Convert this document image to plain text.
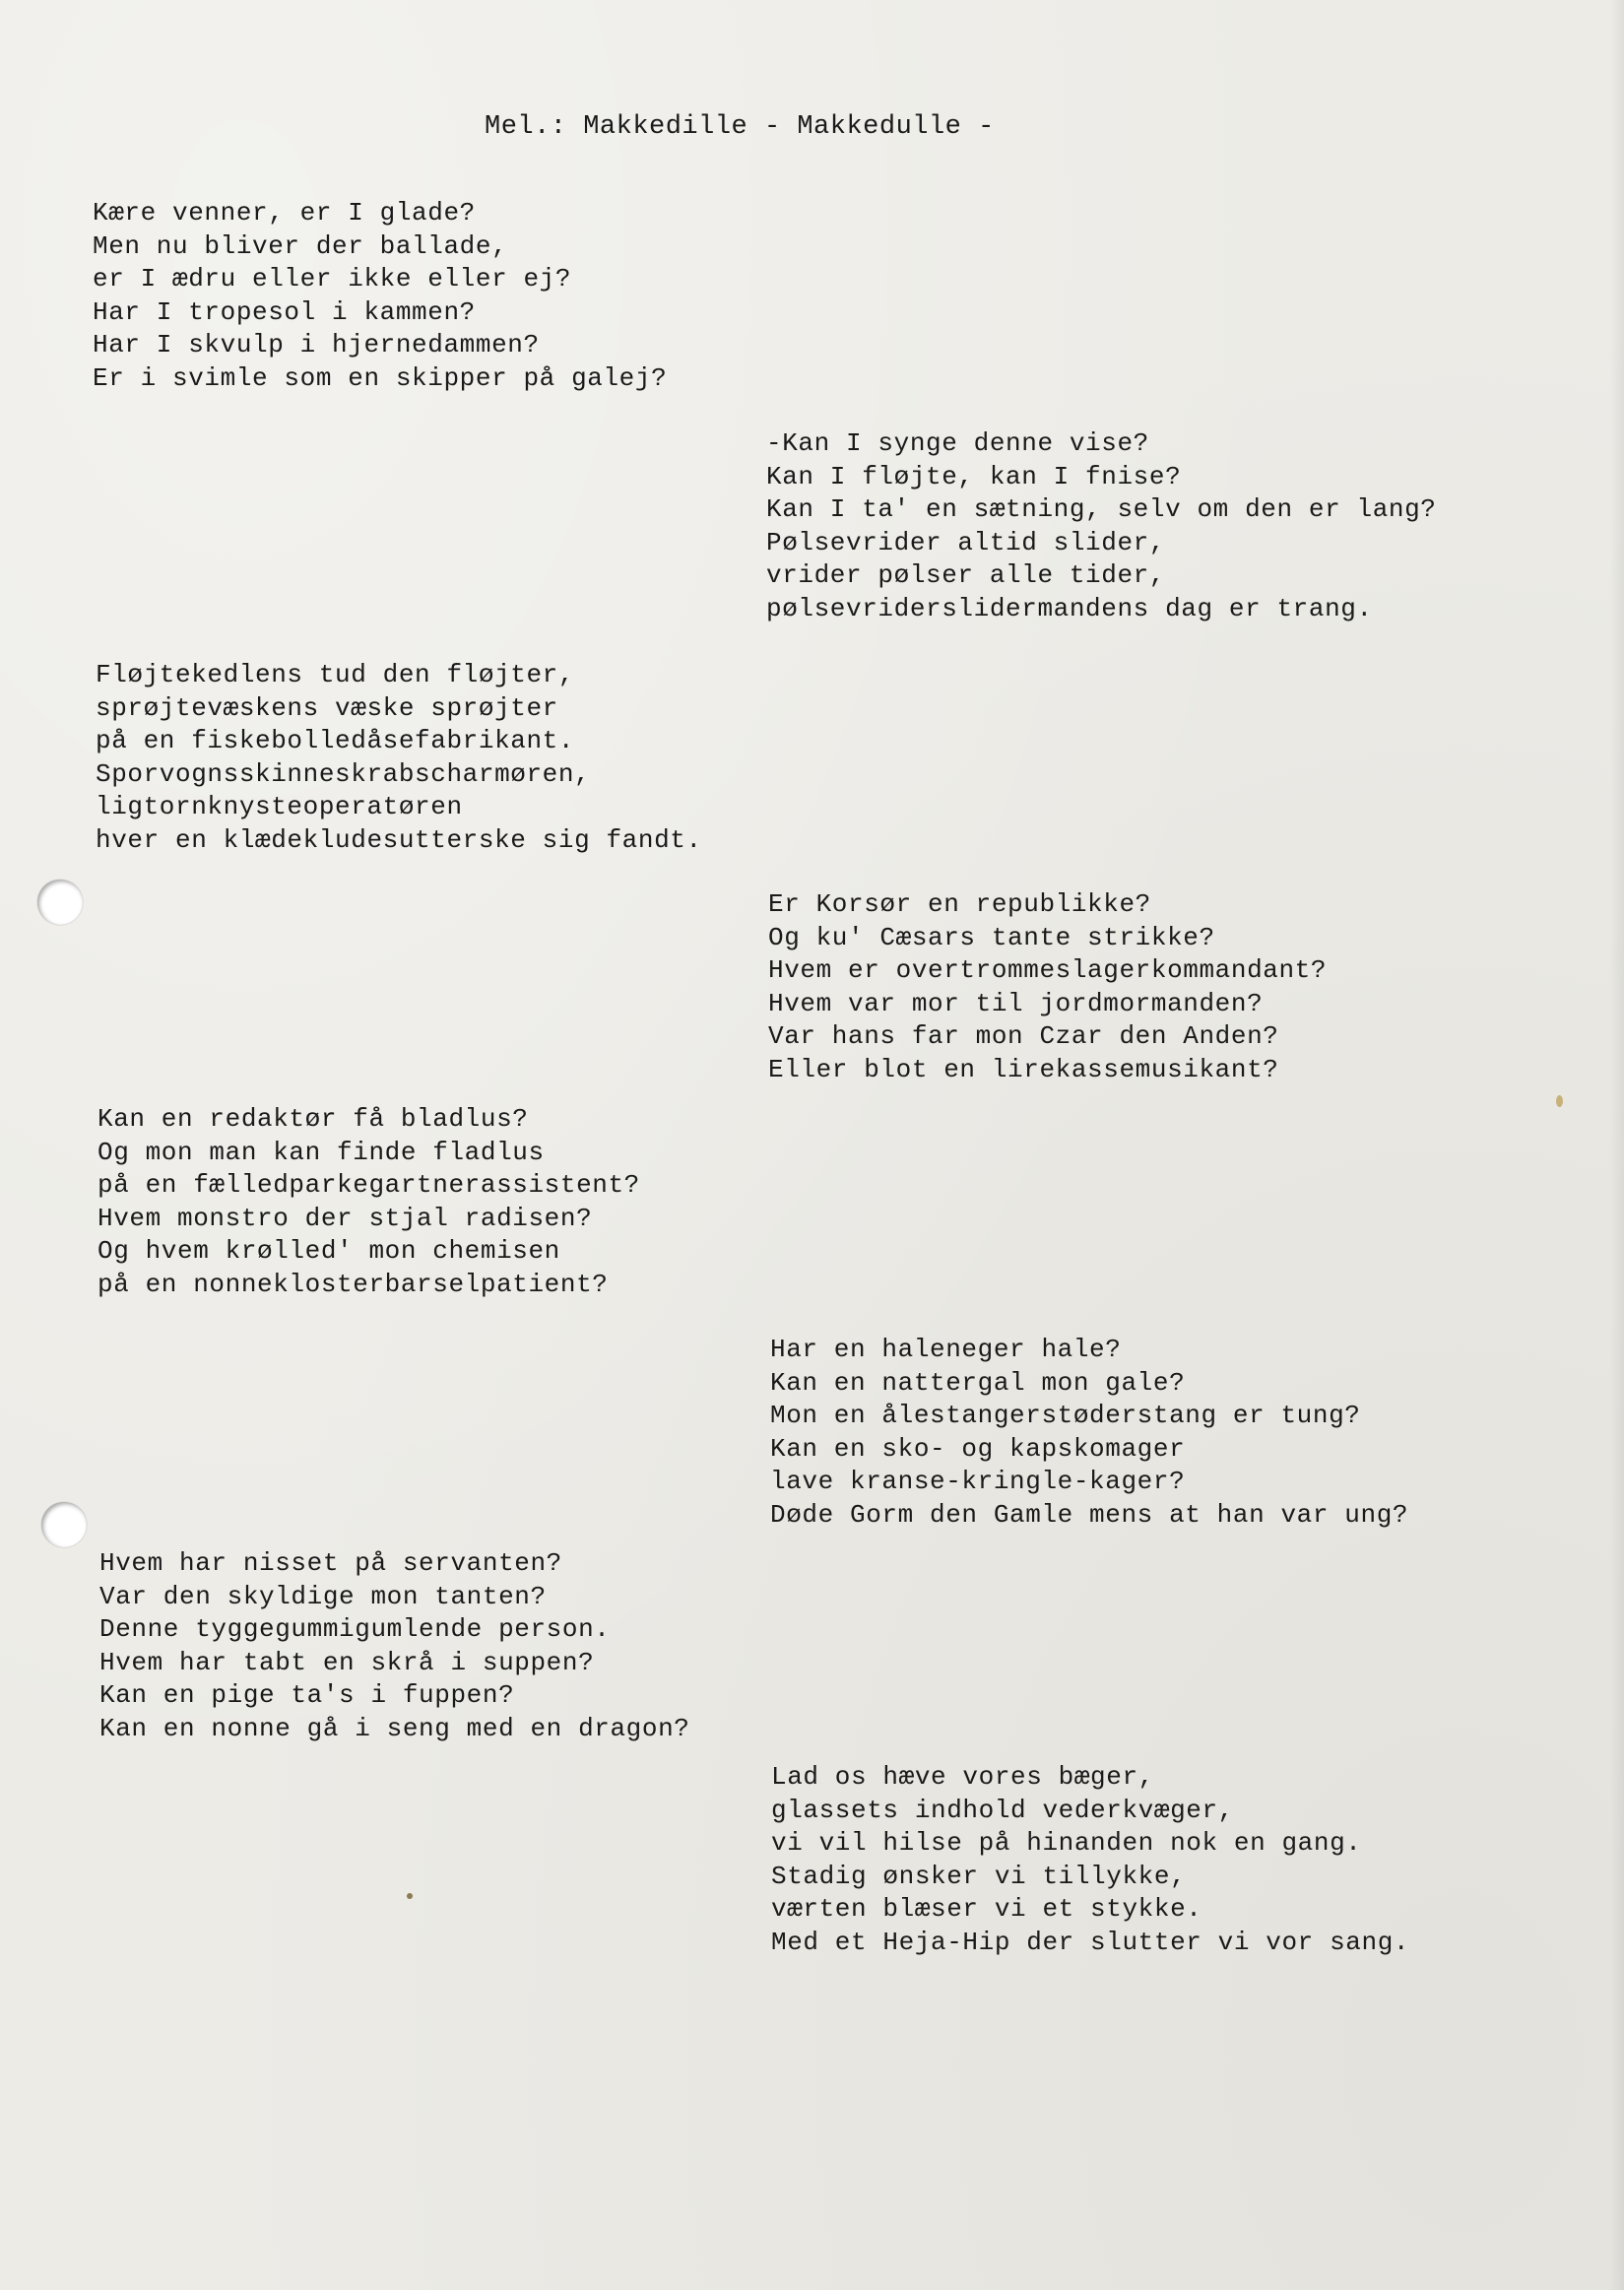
Mel.: Makkedille - Makkedulle -
Kære venner, er I glade?
Men nu bliver der ballade,
er I ædru eller ikke eller ej?
Har I tropesol i kammen?
Har I skvulp i hjernedammen?
Er i svimle som en skipper på galej?
-Kan I synge denne vise?
Kan I fløjte, kan I fnise?
Kan I ta' en sætning, selv om den er lang?
Pølsevrider altid slider,
vrider pølser alle tider,
pølsevriderslidermandens dag er trang.
Fløjtekedlens tud den fløjter,
sprøjtevæskens væske sprøjter
på en fiskebolledåsefabrikant.
Sporvognsskinneskrabscharmøren,
ligtornknysteoperatøren
hver en klædekludesutterske sig fandt.
Er Korsør en republikke?
Og ku' Cæsars tante strikke?
Hvem er overtrommeslagerkommandant?
Hvem var mor til jordmormanden?
Var hans far mon Czar den Anden?
Eller blot en lirekassemusikant?
Kan en redaktør få bladlus?
Og mon man kan finde fladlus
på en fælledparkegartnerassistent?
Hvem monstro der stjal radisen?
Og hvem krølled' mon chemisen
på en nonneklosterbarselpatient?
Har en haleneger hale?
Kan en nattergal mon gale?
Mon en ålestangerstøderstang er tung?
Kan en sko- og kapskomager
lave kranse-kringle-kager?
Døde Gorm den Gamle mens at han var ung?
Hvem har nisset på servanten?
Var den skyldige mon tanten?
Denne tyggegummigumlende person.
Hvem har tabt en skrå i suppen?
Kan en pige ta's i fuppen?
Kan en nonne gå i seng med en dragon?
Lad os hæve vores bæger,
glassets indhold vederkvæger,
vi vil hilse på hinanden nok en gang.
Stadig ønsker vi tillykke,
værten blæser vi et stykke.
Med et Heja-Hip der slutter vi vor sang.
